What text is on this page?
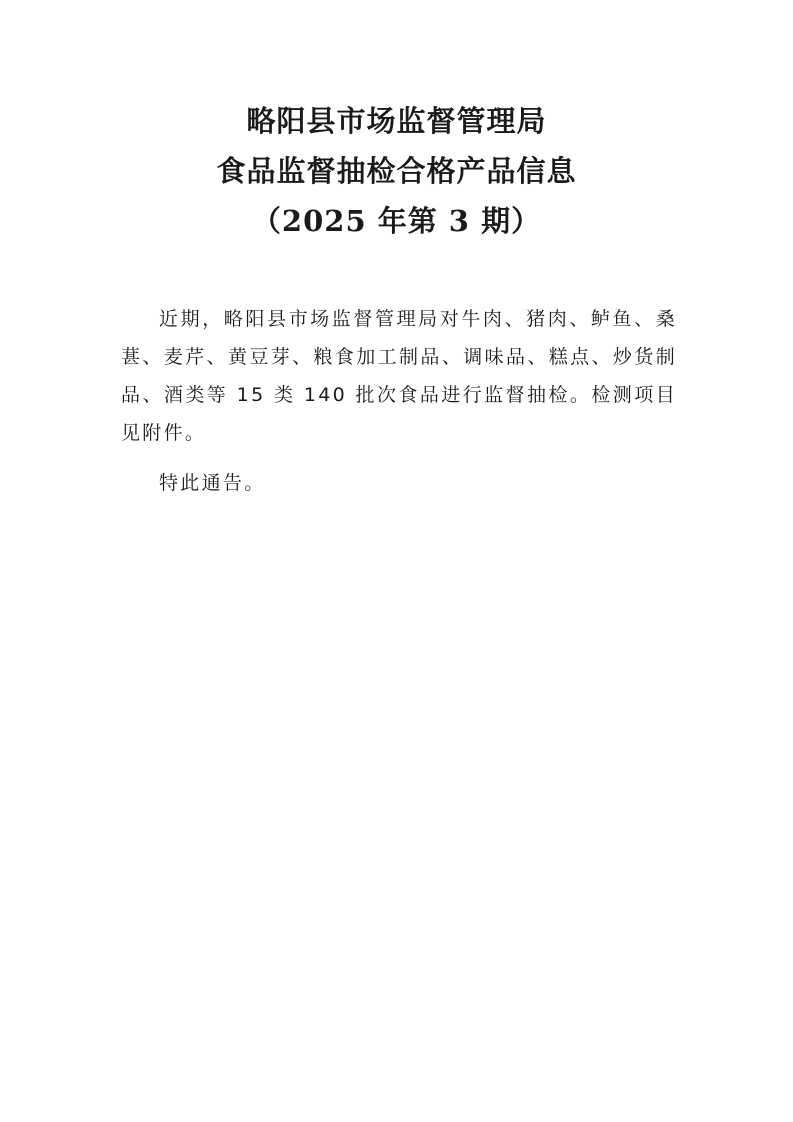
略阳县市场监督管理局
食品监督抽检合格产品信息
（2025 年第 3 期）

近期，略阳县市场监督管理局对牛肉、猪肉、鲈鱼、桑葚、麦芹、黄豆芽、粮食加工制品、调味品、糕点、炒货制品、酒类等 15 类 140 批次食品进行监督抽检。检测项目见附件。

特此通告。
